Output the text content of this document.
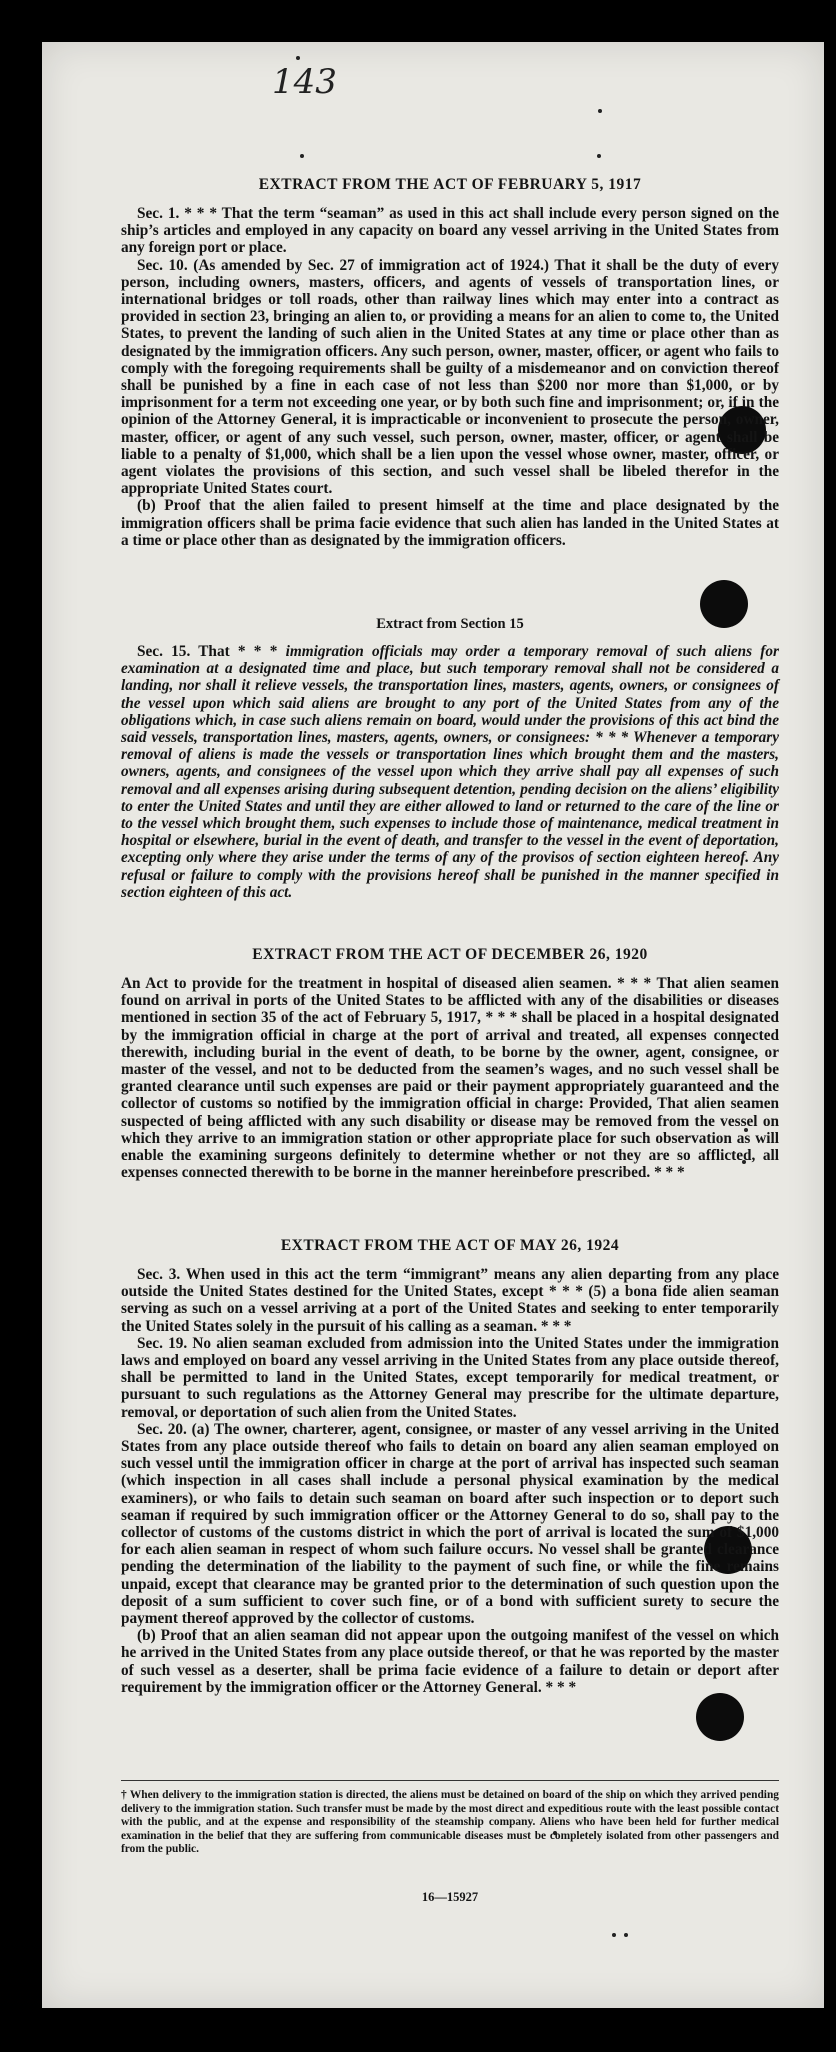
143
EXTRACT FROM THE ACT OF FEBRUARY 5, 1917

Sec. 1. * * * That the term “seaman” as used in this act shall include every person signed on the ship’s articles and employed in any capacity on board any vessel arriving in the United States from any foreign port or place.

Sec. 10. (As amended by Sec. 27 of immigration act of 1924.) That it shall be the duty of every person, including owners, masters, officers, and agents of vessels of transportation lines, or international bridges or toll roads, other than railway lines which may enter into a contract as provided in section 23, bringing an alien to, or providing a means for an alien to come to, the United States, to prevent the landing of such alien in the United States at any time or place other than as designated by the immigration officers. Any such person, owner, master, officer, or agent who fails to comply with the foregoing requirements shall be guilty of a misdemeanor and on conviction thereof shall be punished by a fine in each case of not less than $200 nor more than $1,000, or by imprisonment for a term not exceeding one year, or by both such fine and imprisonment; or, if in the opinion of the Attorney General, it is impracticable or inconvenient to prosecute the person, owner, master, officer, or agent of any such vessel, such person, owner, master, officer, or agent shall be liable to a penalty of $1,000, which shall be a lien upon the vessel whose owner, master, officer, or agent violates the provisions of this section, and such vessel shall be libeled therefor in the appropriate United States court.

(b) Proof that the alien failed to present himself at the time and place designated by the immigration officers shall be prima facie evidence that such alien has landed in the United States at a time or place other than as designated by the immigration officers.

Extract from Section 15

Sec. 15. That * * * immigration officials may order a temporary removal of such aliens for examination at a designated time and place, but such temporary removal shall not be considered a landing, nor shall it relieve vessels, the transportation lines, masters, agents, owners, or consignees of the vessel upon which said aliens are brought to any port of the United States from any of the obligations which, in case such aliens remain on board, would under the provisions of this act bind the said vessels, transportation lines, masters, agents, owners, or consignees: * * * Whenever a temporary removal of aliens is made the vessels or transportation lines which brought them and the masters, owners, agents, and consignees of the vessel upon which they arrive shall pay all expenses of such removal and all expenses arising during subsequent detention, pending decision on the aliens’ eligibility to enter the United States and until they are either allowed to land or returned to the care of the line or to the vessel which brought them, such expenses to include those of maintenance, medical treatment in hospital or elsewhere, burial in the event of death, and transfer to the vessel in the event of deportation, excepting only where they arise under the terms of any of the provisos of section eighteen hereof. Any refusal or failure to comply with the provisions hereof shall be punished in the manner specified in section eighteen of this act.

EXTRACT FROM THE ACT OF DECEMBER 26, 1920

An Act to provide for the treatment in hospital of diseased alien seamen. * * * That alien seamen found on arrival in ports of the United States to be afflicted with any of the disabilities or diseases mentioned in section 35 of the act of February 5, 1917, * * * shall be placed in a hospital designated by the immigration official in charge at the port of arrival and treated, all expenses connected therewith, including burial in the event of death, to be borne by the owner, agent, consignee, or master of the vessel, and not to be deducted from the seamen’s wages, and no such vessel shall be granted clearance until such expenses are paid or their payment appropriately guaranteed and the collector of customs so notified by the immigration official in charge: Provided, That alien seamen suspected of being afflicted with any such disability or disease may be removed from the vessel on which they arrive to an immigration station or other appropriate place for such observation as will enable the examining surgeons definitely to determine whether or not they are so afflicted, all expenses connected therewith to be borne in the manner hereinbefore prescribed. * * *

EXTRACT FROM THE ACT OF MAY 26, 1924

Sec. 3. When used in this act the term “immigrant” means any alien departing from any place outside the United States destined for the United States, except * * * (5) a bona fide alien seaman serving as such on a vessel arriving at a port of the United States and seeking to enter temporarily the United States solely in the pursuit of his calling as a seaman. * * *

Sec. 19. No alien seaman excluded from admission into the United States under the immigration laws and employed on board any vessel arriving in the United States from any place outside thereof, shall be permitted to land in the United States, except temporarily for medical treatment, or pursuant to such regulations as the Attorney General may prescribe for the ultimate departure, removal, or deportation of such alien from the United States.

Sec. 20. (a) The owner, charterer, agent, consignee, or master of any vessel arriving in the United States from any place outside thereof who fails to detain on board any alien seaman employed on such vessel until the immigration officer in charge at the port of arrival has inspected such seaman (which inspection in all cases shall include a personal physical examination by the medical examiners), or who fails to detain such seaman on board after such inspection or to deport such seaman if required by such immigration officer or the Attorney General to do so, shall pay to the collector of customs of the customs district in which the port of arrival is located the sum of $1,000 for each alien seaman in respect of whom such failure occurs. No vessel shall be granted clearance pending the determination of the liability to the payment of such fine, or while the fine remains unpaid, except that clearance may be granted prior to the determination of such question upon the deposit of a sum sufficient to cover such fine, or of a bond with sufficient surety to secure the payment thereof approved by the collector of customs.

(b) Proof that an alien seaman did not appear upon the outgoing manifest of the vessel on which he arrived in the United States from any place outside thereof, or that he was reported by the master of such vessel as a deserter, shall be prima facie evidence of a failure to detain or deport after requirement by the immigration officer or the Attorney General. * * *

† When delivery to the immigration station is directed, the aliens must be detained on board of the ship on which they arrived pending delivery to the immigration station. Such transfer must be made by the most direct and expeditious route with the least possible contact with the public, and at the expense and responsibility of the steamship company. Aliens who have been held for further medical examination in the belief that they are suffering from communicable diseases must be completely isolated from other passengers and from the public.

16—15927
